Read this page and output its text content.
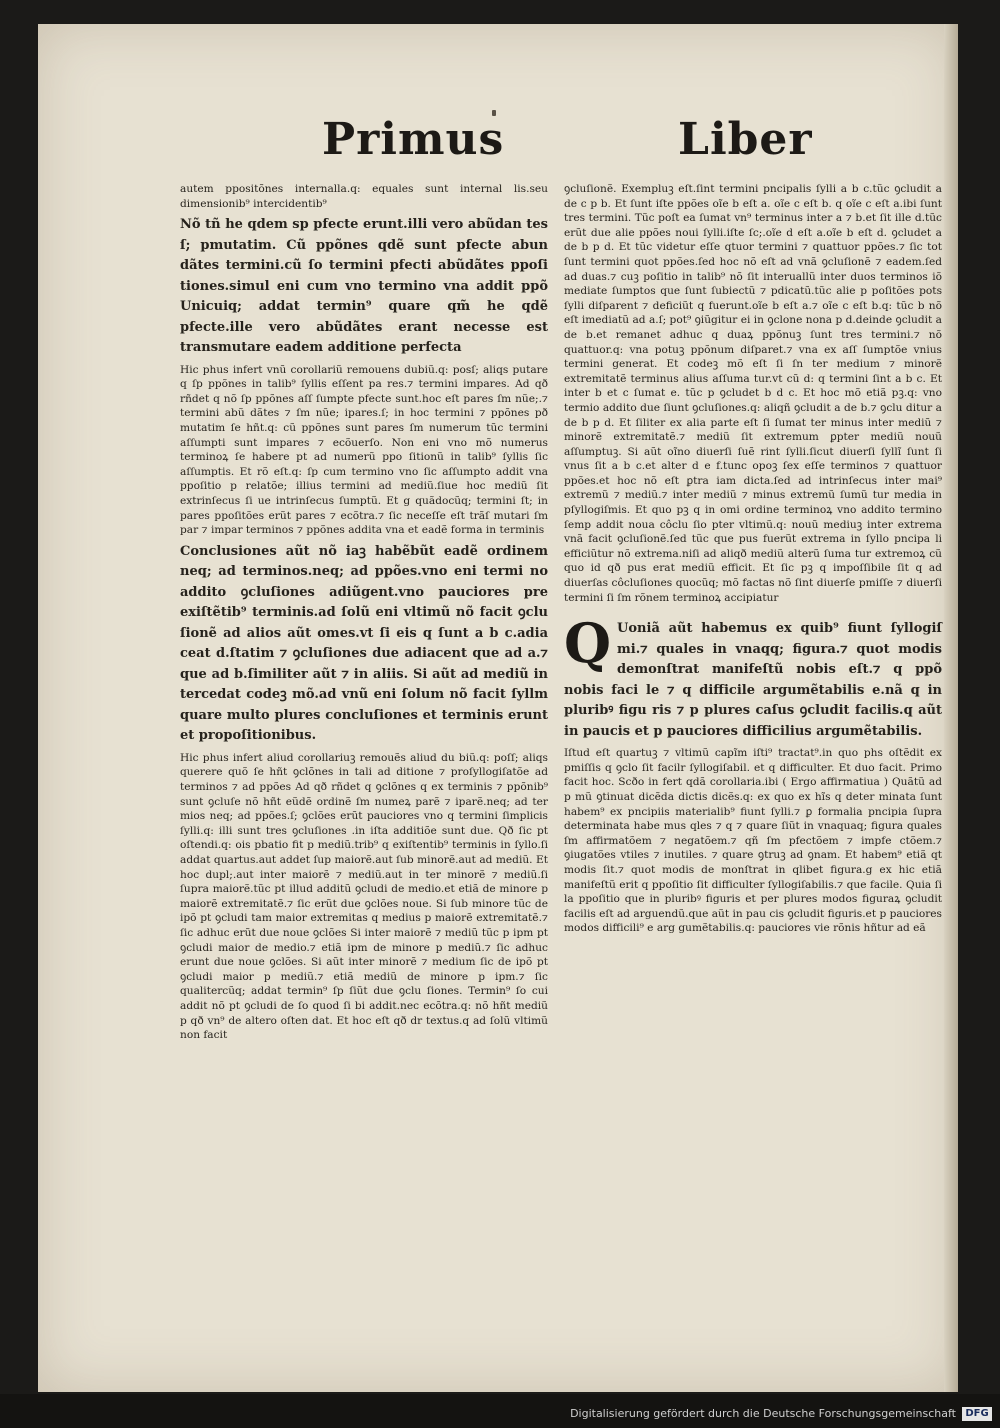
Primus	Liber

autem ppositõnes internalla.q: equales sunt internal lis.seu dimensionib⁹ intercidentib⁹

Nõ tñ he qdem sp pfecte erunt.illi vero abũdan tes ſ; pmutatim. Cũ ppõnes qdẽ sunt pfecte abun dãtes termini.cũ ſo termini pfecti abũdãtes ppoſi tiones.simul eni cum vno termino vna addit ppõ Unicuiq; addat termin⁹ quare qm̃ he qdẽ pfecte.ille vero abũdãtes erant necesse est transmutare eadem additione perfecta

Hic phus infert vnũ corollariũ remouens dubiũ.q: posſ; aliqs putare q ſp ppõnes in talib⁹ ſyllis eſſent pa res.⁊ termini impares. Ad qð rñdet q nõ ſp ppõnes aſſ ſumpte pfecte sunt.hoc eſt pares ſm nũe;.⁊ termini abũ dãtes ⁊ ſm nũe; ipares.ſ; in hoc termini ⁊ ppõnes pð mutatim ſe hñt.q: cũ ppõnes sunt pares ſm numerum tũc termini aſſumpti sunt impares ⁊ ecõuerſo. Non eni vno mõ numerus terminoꝝ ſe habere pt ad numerũ ppo ſitionũ in talib⁹ ſyllis ſic aſſumptis. Et rõ eſt.q: ſp cum termino vno ſic aſſumpto addit vna ppoſitio p relatõe; illius termini ad mediũ.ſiue hoc mediũ ſit extrinſecus ſi ue intrinſecus ſumptũ. Et g quãdocũq; termini ſt; in pares ppoſitões erũt pares ⁊ ecõtra.⁊ ſic neceſſe eſt trãſ mutari ſm par ⁊ impar terminos ⁊ ppõnes addita vna et eadẽ forma in terminis

Conclusiones aũt nõ iaꝫ habẽbũt eadẽ ordinem neq; ad terminos.neq; ad ppões.vno eni termi no addito ꝯcluſiones adiũgent.vno pauciores pre exiſtẽtib⁹ terminis.ad ſolũ eni vltimũ nõ facit ꝯclu ſionẽ ad alios aũt omes.vt ſi eis q ſunt a b c.adia ceat d.ſtatim ⁊ ꝯcluſiones due adiacent que ad a.⁊ que ad b.ſimiliter aũt ⁊ in aliis. Si aũt ad mediũ in tercedat codeꝫ mõ.ad vnũ eni ſolum nõ facit ſyllm quare multo plures concluſiones et terminis erunt et propoſitionibus.

Hic phus infert aliud corollariuꝫ remouẽs aliud du biũ.q: poſſ; aliqs querere quõ ſe hñt ꝯclõnes in tali ad ditione ⁊ proſyllogiſatõe ad terminos ⁊ ad ppões Ad qð rñdet q ꝯclõnes q ex terminis ⁊ ppõnib⁹ sunt ꝯcluſe nõ hñt eũdẽ ordinẽ ſm numeꝝ parẽ ⁊ iparẽ.neq; ad ter mios neq; ad ppões.ſ; ꝯclões erũt pauciores vno q termini ſimplicis ſylli.q: illi sunt tres ꝯcluſiones .in iſta additiõe sunt due. Qð ſic pt oſtendi.q: ois pbatio fit p mediũ.trib⁹ q exiſtentib⁹ terminis in ſyllo.ſi addat quartus.aut addet ſup maiorẽ.aut ſub minorẽ.aut ad mediũ. Et hoc dupl;.aut inter maiorẽ ⁊ mediũ.aut in ter minorẽ ⁊ mediũ.ſi ſupra maiorẽ.tũc pt illud additũ ꝯcludi de medio.et etiã de minore p maiorẽ extremitatẽ.⁊ ſic erũt due ꝯclões noue. Si ſub minore tũc de ipõ pt ꝯcludi tam maior extremitas q medius p maiorẽ extremitatẽ.⁊ ſic adhuc erũt due noue ꝯclões Si inter maiorẽ ⁊ mediũ tũc p ipm pt ꝯcludi maior de medio.⁊ etiã ipm de minore p mediũ.⁊ ſic adhuc erunt due noue ꝯclões. Si aũt inter minorẽ ⁊ medium ſic de ipõ pt ꝯcludi maior p mediũ.⁊ etiã mediũ de minore p ipm.⁊ ſic qualitercũq; addat termin⁹ ſp ſiũt due ꝯclu ſiones. Termin⁹ ſo cui addit nõ pt ꝯcludi de ſo quod ſi bi addit.nec ecõtra.q: nõ hñt mediũ p qð vn⁹ de altero oſten dat. Et hoc eſt qð dr textus.q ad ſolũ vltimũ non facit

ꝯcluſionẽ. Exempluꝫ eſt.ſint termini pncipalis ſylli a b c.tũc ꝯcludit a de c p b. Et ſunt iſte ppões oĩe b eſt a. oĩe c eſt b. q oĩe c eſt a.ibi ſunt tres termini. Tũc poſt ea ſumat vn⁹ terminus inter a ⁊ b.et ſit ille d.tũc erũt due alie ppões noui ſylli.iſte ſc;.oĩe d eſt a.oĩe b eſt d. ꝯcludet a de b p d. Et tũc videtur eſſe qtuor termini ⁊ quattuor ppões.⁊ ſic tot ſunt termini quot ppões.ſed hoc nõ eſt ad vnã ꝯcluſionẽ ⁊ eadem.ſed ad duas.⁊ cuꝫ poſitio in talib⁹ nõ ſit interuallũ inter duos terminos iõ mediate ſumptos que ſunt ſubiectũ ⁊ pdicatũ.tũc alie p poſitões pots ſylli diſparent ⁊ deficiũt q fuerunt.oĩe b eſt a.⁊ oĩe c eſt b.q: tũc b nõ eſt imediatũ ad a.ſ; pot⁹ ꝯiũgitur ei in ꝯclone nona p d.deinde ꝯcludit a de b.et remanet adhuc q duaꝝ ppõnuꝫ ſunt tres termini.⁊ nõ quattuor.q: vna potuꝫ ppõnum diſparet.⁊ vna ex aſſ ſumptõe vnius termini generat. Et codeꝫ mõ eſt ſi ſn ter medium ⁊ minorẽ extremitatẽ terminus alius aſſuma tur.vt cũ d: q termini ſint a b c. Et inter b et c ſumat e. tũc p ꝯcludet b d c. Et hoc mõ etiã pꝫ.q: vno termio addito due ſiunt ꝯcluſiones.q: aliqñ ꝯcludit a de b.⁊ ꝯclu ditur a de b p d. Et ſiliter ex alia parte eſt ſi ſumat ter minus inter mediũ ⁊ minorẽ extremitatẽ.⁊ mediũ ſit extremum ꝑpter mediũ nouũ aſſumptuꝫ. Si aũt oĩno diuerſi ſuẽ rint ſylli.ſicut diuerſi ſyllĩ ſunt ſi vnus ſit a b c.et alter d e f.tunc opoꝫ ſex eſſe terminos ⁊ quattuor ppões.et hoc nõ eſt ꝑtra iam dicta.ſed ad intrinſecus inter mai⁹ extremũ ⁊ mediũ.⁊ inter mediũ ⁊ minus extremũ ſumũ tur media in pſyllogiſmis. Et quo pꝫ q in omi ordine terminoꝝ vno addito termino ſemp addit noua côclu ſio pter vltimũ.q: nouũ mediuꝫ inter extrema vnã facit ꝯcluſionẽ.ſed tũc que pus fuerũt extrema in ſyllo pncipa li efficiũtur nõ extrema.niſi ad aliqð mediũ alterũ ſuma tur extremoꝝ cũ quo id qð pus erat mediũ efficit. Et ſic pꝫ q impoſſibile ſit q ad diuerſas côcluſiones quocũq; mõ factas nõ ſint diuerſe pmiſſe ⁊ diuerſi termini ſi ſm rõnem terminoꝝ accipiatur

Q Uoniã aũt habemus ex quib⁹ fiunt ſyllogiſ mi.⁊ quales in vnaqq; figura.⁊ quot modis demonſtrat manifeſtũ nobis eſt.⁊ q ppõ nobis faci le ⁊ q difficile argumẽtabilis e.nã q in pluribꝰ figu ris ⁊ p plures caſus ꝯcludit facilis.q aũt in paucis et p pauciores difficilius argumẽtabilis.

Iſtud eſt quartuꝫ ⁊ vltimũ capĩm iſti⁹ tractat⁹.in quo phs oſtẽdit ex pmiſſis q ꝯclo ſit facilr ſyllogiſabil. et q difficulter. Et duo facit. Primo facit hoc. Scðo in fert qdã corollaria.ibi ( Ergo affirmatiua ) Quãtũ ad p mũ ꝯtinuat dicẽda dictis dicẽs.q: ex quo ex hĩs q deter minata ſunt habem⁹ ex pncipiis materialib⁹ fiunt ſylli.⁊ ꝑ formalia pncipia ſupra determinata habe mus qles ⁊ q ⁊ quare ſiũt in vnaquaq; figura quales ſm affirmatõem ⁊ negatõem.⁊ qñ ſm pfectõem ⁊ impfe ctõem.⁊ ꝯiugatões vtiles ⁊ inutiles. ⁊ quare ꝯtruꝫ ad ꝯnam. Et habem⁹ etiã qt modis ſit.⁊ quot modis de monſtrat in qlibet figura.g ex hic etiã manifeſtũ erit q ppoſitio ſit difficulter ſyllogiſabilis.⁊ que facile. Quia ſi la ppoſitio que in pluribꝰ figuris et per plures modos figuraꝝ ꝯcludit facilis eſt ad arguendũ.que aũt in pau cis ꝯcludit figuris.et p pauciores modos difficili⁹ e arg gumẽtabilis.q: pauciores vie rõnis hñtur ad eã

Digitalisierung gefördert durch die Deutsche Forschungsgemeinschaft DFG
